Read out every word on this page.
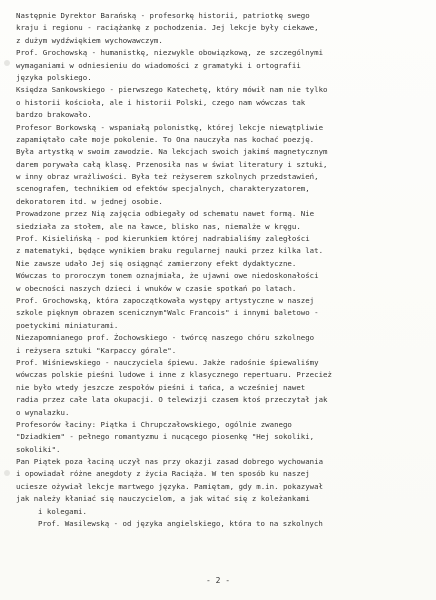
Następnie Dyrektor Barańską - profesorkę historii, patriotkę swego
kraju i regionu - raciążankę z pochodzenia. Jej lekcje były ciekawe,
z dużym wydźwiękiem wychowawczym.
Prof. Grochowską - humanistkę, niezwykle obowiązkową, ze szczególnymi
wymaganiami w odniesieniu do wiadomości z gramatyki i ortografii
języka polskiego.
Księdza Sankowskiego - pierwszego Katechetę, który mówił nam nie tylko
o historii kościoła, ale i historii Polski, czego nam wówczas tak
bardzo brakowało.
Profesor Borkowską - wspaniałą polonistkę, której lekcje niewątpliwie
zapamiętało całe moje pokolenie. To Ona nauczyła nas kochać poezję.
Była artystką w swoim zawodzie. Na lekcjach swoich jakimś magnetycznym
darem porywała całą klasę. Przenosiła nas w świat literatury i sztuki,
w inny obraz wrażliwości. Była też reżyserem szkolnych przedstawień,
scenografem, technikiem od efektów specjalnych, charakteryzatorem,
dekoratorem itd. w jednej osobie.
Prowadzone przez Nią zajęcia odbiegały od schematu nawet formą. Nie
siedziała za stołem, ale na ławce, blisko nas, niemalże w kręgu.
Prof. Kisielińską - pod kierunkiem której nadrabialiśmy zaległości
z matematyki, będące wynikiem braku regularnej nauki przez kilka lat.
Nie zawsze udało Jej się osiągnąć zamierzony efekt dydaktyczne.
Wówczas to proroczym tonem oznajmiała, że ujawni owe niedoskonałości
w obecności naszych dzieci i wnuków w czasie spotkań po latach.
Prof. Grochowską, która zapoczątkowała występy artystyczne w naszej
szkole pięknym obrazem scenicznym"Walc Francois" i innymi baletowo -
poetyckimi miniaturami.
Niezapomnianego prof. Żochowskiego - twórcę naszego chóru szkolnego
i reżysera sztuki "Karpaccy górale".
Prof. Wiśniewskiego - nauczyciela śpiewu. Jakże radośnie śpiewaliśmy
wówczas polskie pieśni ludowe i inne z klasycznego repertuaru. Przecież
nie było wtedy jeszcze zespołów pieśni i tańca, a wcześniej nawet
radia przez całe lata okupacji. O telewizji czasem ktoś przeczytał jak
o wynalazku.
Profesorów łaciny: Piątka i Chrupczałowskiego, ogólnie zwanego
"Dziadkiem" - pełnego romantyzmu i nucącego piosenkę "Hej sokoliki,
sokoliki".
Pan Piątek poza łaciną uczył nas przy okazji zasad dobrego wychowania
i opowiadał różne anegdoty z życia Raciąża. W ten sposób ku naszej
uciesze ożywiał lekcje martwego języka. Pamiętam, gdy m.in. pokazywał
jak należy kłaniać się nauczycielom, a jak witać się z koleżankami
i kolegami.
Prof. Wasilewską - od języka angielskiego, która to na szkolnych
- 2 -
